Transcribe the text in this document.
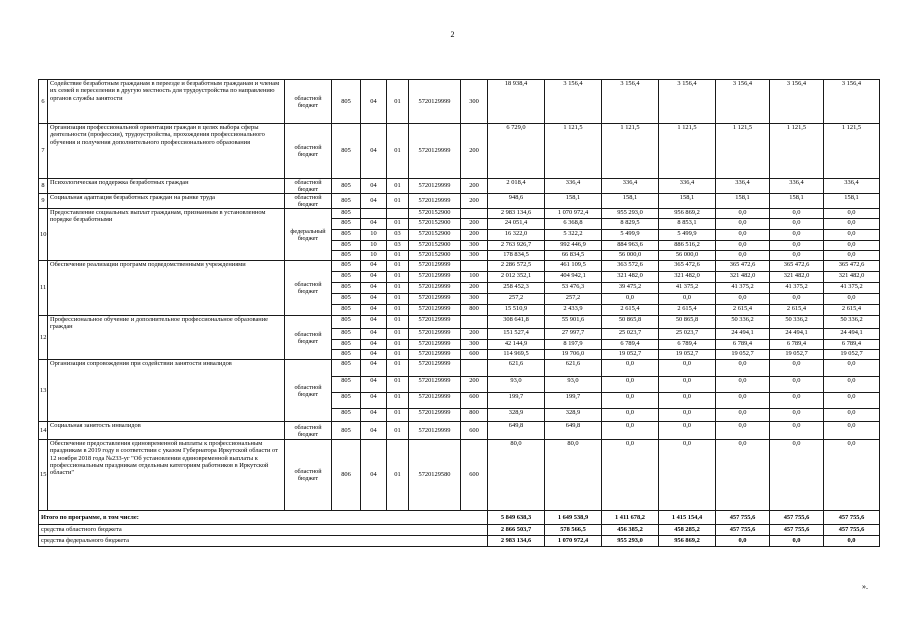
2
6	Содействие безработным гражданам в переезде и безработным гражданам и членам их семей в переселении в другую местность для трудоустройства по направлению органов службы занятости	областной бюджет	805	04	01	5720129999	300	18 938,4	3 156,4	3 156,4	3 156,4	3 156,4	3 156,4	3 156,4
7	Организация профессиональной ориентации граждан в целях выбора сферы деятельности (профессии), трудоустройства, прохождения профессионального обучения и получения дополнительного профессионального образования	областной бюджет	805	04	01	5720129999	200	6 729,0	1 121,5	1 121,5	1 121,5	1 121,5	1 121,5	1 121,5
8	Психологическая поддержка безработных граждан	областной бюджет	805	04	01	5720129999	200	2 018,4	336,4	336,4	336,4	336,4	336,4	336,4
9	Социальная адаптация безработных граждан на рынке труда	областной бюджет	805	04	01	5720129999	200	948,6	158,1	158,1	158,1	158,1	158,1	158,1
10	Предоставление социальных выплат гражданам, признанным в установленном порядке безработными	федеральный бюджет	805			5720152900		2 983 134,6	1 070 972,4	955 293,0	956 869,2	0,0	0,0	0,0
			805	04	01	5720152900	200	24 051,4	6 368,8	8 829,5	8 853,1	0,0	0,0	0,0
			805	10	03	5720152900	200	16 322,0	5 322,2	5 499,9	5 499,9	0,0	0,0	0,0
			805	10	03	5720152900	300	2 763 926,7	992 446,9	884 963,6	886 516,2	0,0	0,0	0,0
			805	10	01	5720152900	300	178 834,5	66 834,5	56 000,0	56 000,0	0,0	0,0	0,0
11	Обеспечение реализации программ подведомственными учреждениями	областной бюджет	805	04	01	5720129999		2 286 572,5	461 109,5	363 572,6	365 472,6	365 472,6	365 472,6	365 472,6
			805	04	01	5720129999	100	2 012 352,1	404 942,1	321 482,0	321 482,0	321 482,0	321 482,0	321 482,0
			805	04	01	5720129999	200	258 452,3	53 476,3	39 475,2	41 375,2	41 375,2	41 375,2	41 375,2
			805	04	01	5720129999	300	257,2	257,2	0,0	0,0	0,0	0,0	0,0
			805	04	01	5720129999	800	15 510,9	2 433,9	2 615,4	2 615,4	2 615,4	2 615,4	2 615,4
12	Профессиональное обучение и дополнительное профессиональное образование граждан	областной бюджет	805	04	01	5720129999		308 641,8	55 901,6	50 865,8	50 865,8	50 336,2	50 336,2	50 336,2
			805	04	01	5720129999	200	151 527,4	27 997,7	25 023,7	25 023,7	24 494,1	24 494,1	24 494,1
			805	04	01	5720129999	300	42 144,9	8 197,9	6 789,4	6 789,4	6 789,4	6 789,4	6 789,4
			805	04	01	5720129999	600	114 969,5	19 706,0	19 052,7	19 052,7	19 052,7	19 052,7	19 052,7
13	Организация сопровождения при содействии занятости инвалидов	областной бюджет	805	04	01	5720129999		621,6	621,6	0,0	0,0	0,0	0,0	0,0
			805	04	01	5720129999	200	93,0	93,0	0,0	0,0	0,0	0,0	0,0
			805	04	01	5720129999	600	199,7	199,7	0,0	0,0	0,0	0,0	0,0
			805	04	01	5720129999	800	328,9	328,9	0,0	0,0	0,0	0,0	0,0
14	Социальная занятость инвалидов	областной бюджет	805	04	01	5720129999	600	649,8	649,8	0,0	0,0	0,0	0,0	0,0
15	Обеспечение предоставления единовременной выплаты к профессиональным праздникам в 2019 году в соответствии с указом Губернатора Иркутской области от 12 ноября 2018 года №233-уг "Об установлении единовременной выплаты к профессиональным праздникам отдельным категориям работников в Иркутской области"	областной бюджет	806	04	01	5720129580	600	80,0	80,0	0,0	0,0	0,0	0,0	0,0
Итого по программе, в том числе:								5 849 638,3	1 649 538,9	1 411 678,2	1 415 154,4	457 755,6	457 755,6	457 755,6
средства областного бюджета								2 866 503,7	578 566,5	456 385,2	458 285,2	457 755,6	457 755,6	457 755,6
средства федерального бюджета								2 983 134,6	1 070 972,4	955 293,0	956 869,2	0,0	0,0	0,0
».
